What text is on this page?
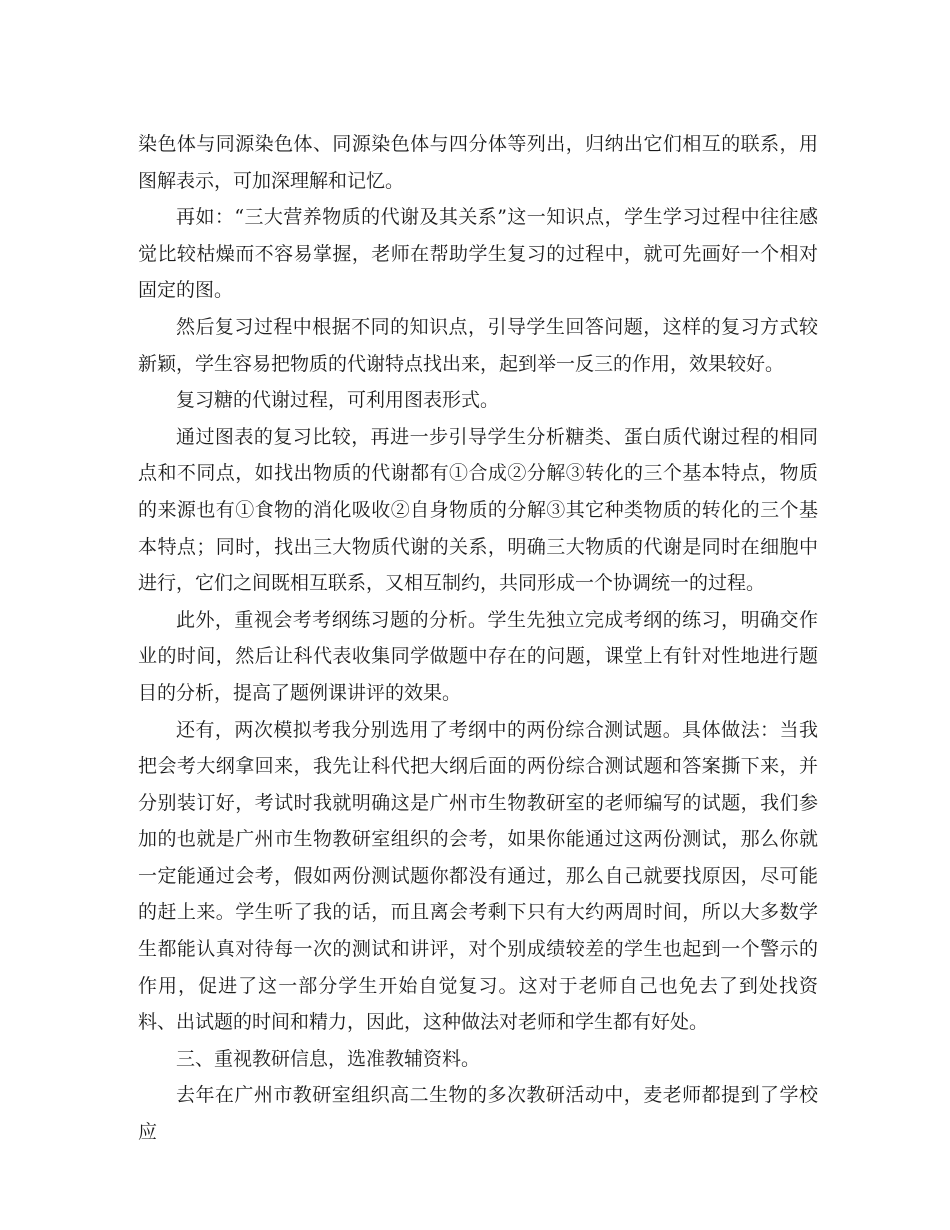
染色体与同源染色体、同源染色体与四分体等列出，归纳出它们相互的联系，用图解表示，可加深理解和记忆。

再如：“三大营养物质的代谢及其关系”这一知识点，学生学习过程中往往感觉比较枯燥而不容易掌握，老师在帮助学生复习的过程中，就可先画好一个相对固定的图。

然后复习过程中根据不同的知识点，引导学生回答问题，这样的复习方式较新颖，学生容易把物质的代谢特点找出来，起到举一反三的作用，效果较好。

复习糖的代谢过程，可利用图表形式。

通过图表的复习比较，再进一步引导学生分析糖类、蛋白质代谢过程的相同点和不同点，如找出物质的代谢都有①合成②分解③转化的三个基本特点，物质的来源也有①食物的消化吸收②自身物质的分解③其它种类物质的转化的三个基本特点；同时，找出三大物质代谢的关系，明确三大物质的代谢是同时在细胞中进行，它们之间既相互联系，又相互制约，共同形成一个协调统一的过程。

此外，重视会考考纲练习题的分析。学生先独立完成考纲的练习，明确交作业的时间，然后让科代表收集同学做题中存在的问题，课堂上有针对性地进行题目的分析，提高了题例课讲评的效果。

还有，两次模拟考我分别选用了考纲中的两份综合测试题。具体做法：当我把会考大纲拿回来，我先让科代把大纲后面的两份综合测试题和答案撕下来，并分别装订好，考试时我就明确这是广州市生物教研室的老师编写的试题，我们参加的也就是广州市生物教研室组织的会考，如果你能通过这两份测试，那么你就一定能通过会考，假如两份测试题你都没有通过，那么自己就要找原因，尽可能的赶上来。学生听了我的话，而且离会考剩下只有大约两周时间，所以大多数学生都能认真对待每一次的测试和讲评，对个别成绩较差的学生也起到一个警示的作用，促进了这一部分学生开始自觉复习。这对于老师自己也免去了到处找资料、出试题的时间和精力，因此，这种做法对老师和学生都有好处。

三、重视教研信息，选准教辅资料。

去年在广州市教研室组织高二生物的多次教研活动中，麦老师都提到了学校应
